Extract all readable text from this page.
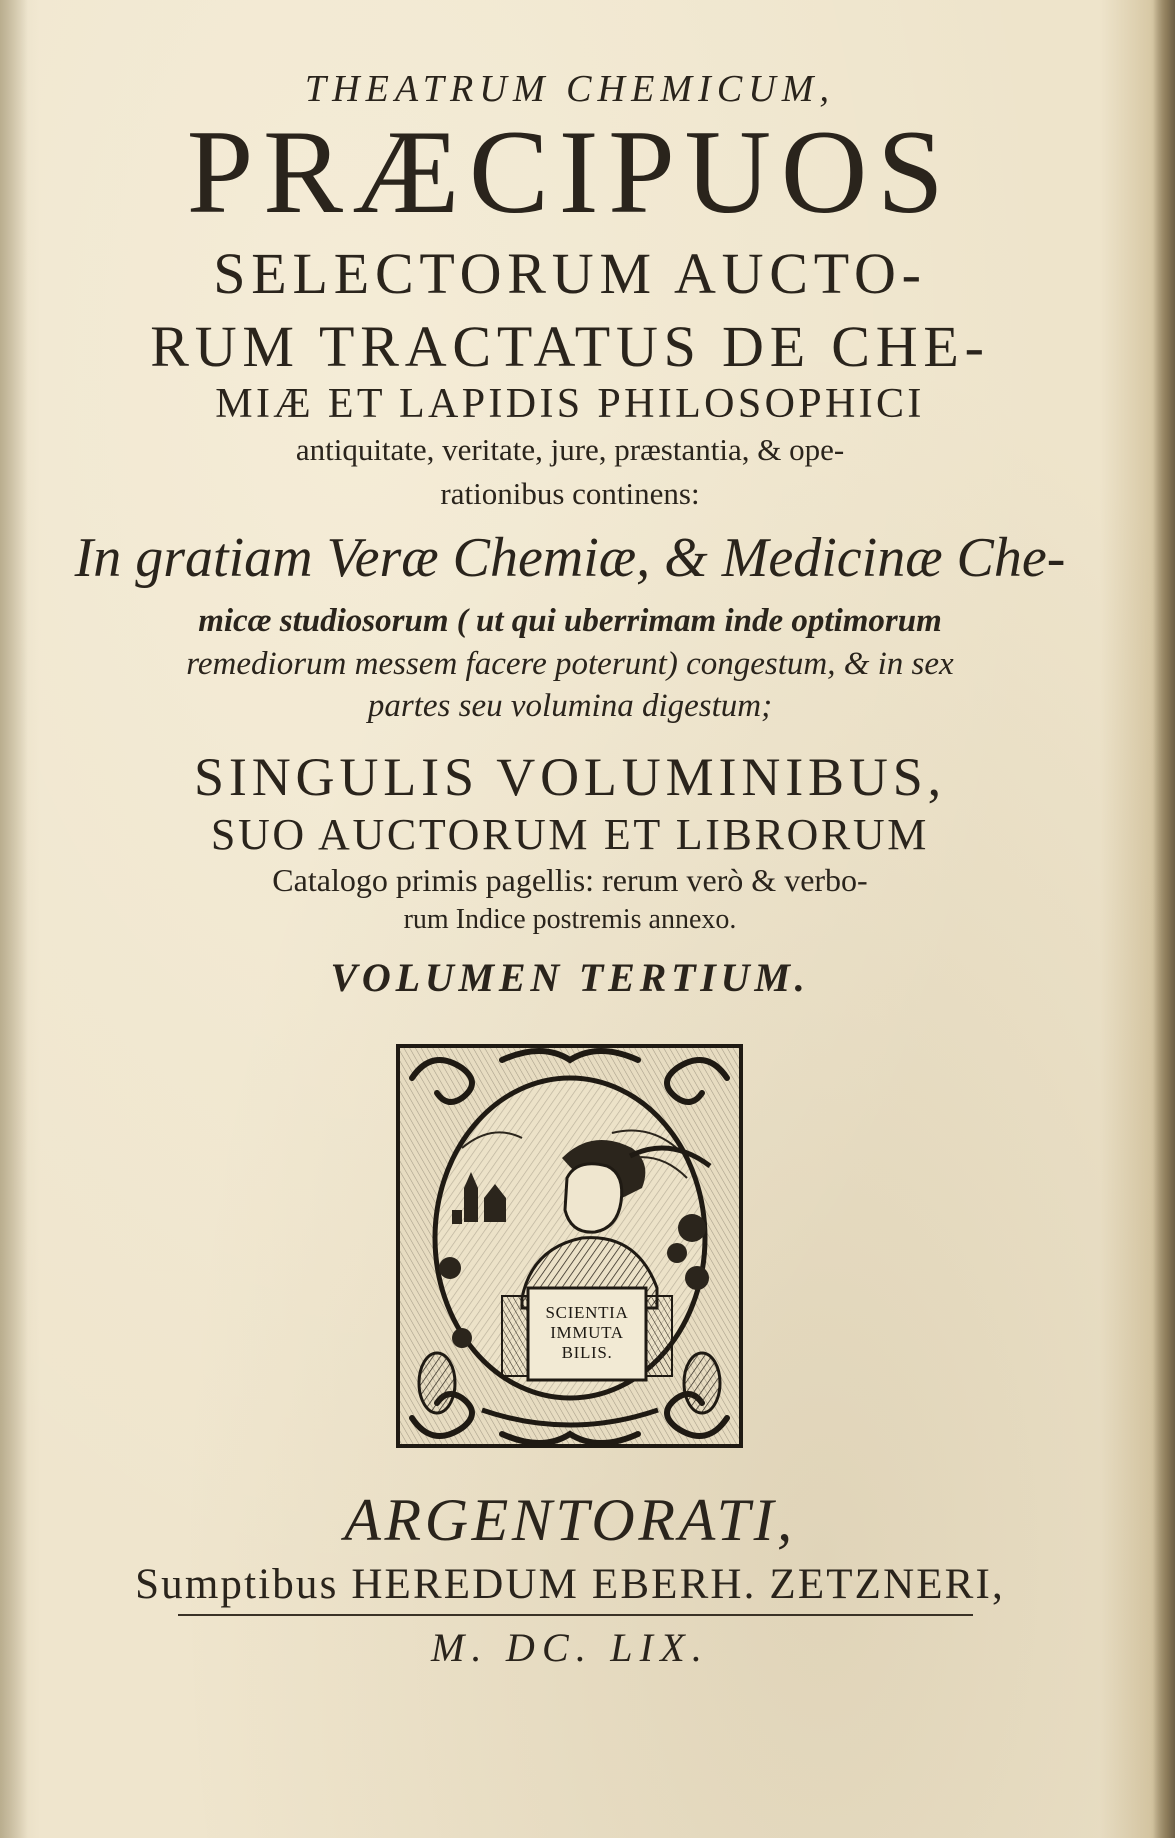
THEATRUM CHEMICUM,
PRÆCIPUOS
SELECTORUM AUCTO-
RUM TRACTATUS DE CHE-
MIÆ ET LAPIDIS PHILOSOPHICI
antiquitate, veritate, jure, præstantia, & ope-
rationibus continens:
In gratiam Veræ Chemiæ, & Medicinæ Che-
micæ studiosorum ( ut qui uberrimam inde optimorum
remediorum messem facere poterunt) congestum, & in sex
partes seu volumina digestum;
SINGULIS VOLUMINIBUS,
SUO AUCTORUM ET LIBRORUM
Catalogo primis pagellis: rerum verò & verbo-
rum Indice postremis annexo.
VOLUMEN TERTIUM.
SCIENTIA
IMMUTA
BILIS.
ARGENTORATI,
Sumptibus HEREDUM EBERH. ZETZNERI,
M. DC. LIX.
